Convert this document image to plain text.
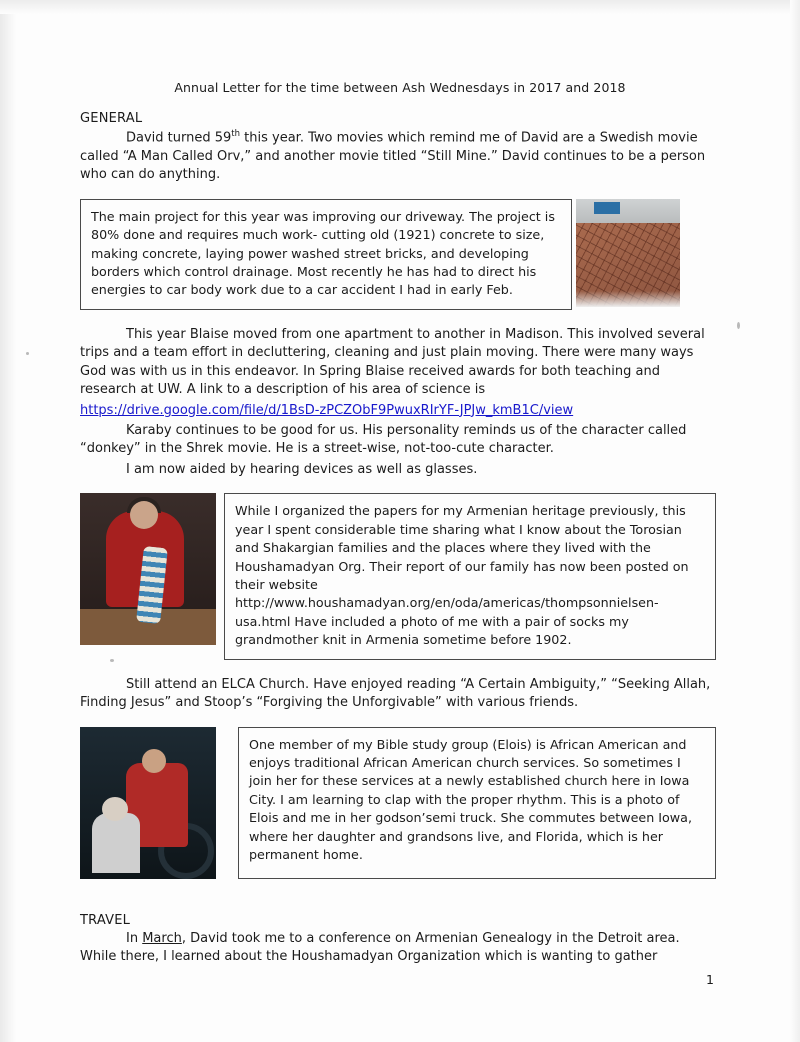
Annual Letter for the time between Ash Wednesdays in 2017 and 2018
GENERAL

David turned 59th this year. Two movies which remind me of David are a Swedish movie called “A Man Called Orv,” and another movie titled “Still Mine.” David continues to be a person who can do anything.

The main project for this year was improving our driveway. The project is 80% done and requires much work- cutting old (1921) concrete to size, making concrete, laying power washed street bricks, and developing borders which control drainage. Most recently he has had to direct his energies to car body work due to a car accident I had in early Feb.

This year Blaise moved from one apartment to another in Madison. This involved several trips and a team effort in decluttering, cleaning and just plain moving. There were many ways God was with us in this endeavor. In Spring Blaise received awards for both teaching and research at UW. A link to a description of his area of science is

https://drive.google.com/file/d/1BsD-zPCZObF9PwuxRIrYF-JPJw_kmB1C/view

Karaby continues to be good for us. His personality reminds us of the character called “donkey” in the Shrek movie. He is a street-wise, not-too-cute character.

I am now aided by hearing devices as well as glasses.

While I organized the papers for my Armenian heritage previously, this year I spent considerable time sharing what I know about the Torosian and Shakargian families and the places where they lived with the Houshamadyan Org. Their report of our family has now been posted on their website http://www.houshamadyan.org/en/oda/americas/thompsonnielsen-usa.html Have included a photo of me with a pair of socks my grandmother knit in Armenia sometime before 1902.

Still attend an ELCA Church. Have enjoyed reading “A Certain Ambiguity,” “Seeking Allah, Finding Jesus” and Stoop’s “Forgiving the Unforgivable” with various friends.

One member of my Bible study group (Elois) is African American and enjoys traditional African American church services. So sometimes I join her for these services at a newly established church here in Iowa City. I am learning to clap with the proper rhythm. This is a photo of Elois and me in her godson’semi truck. She commutes between Iowa, where her daughter and grandsons live, and Florida, which is her permanent home.
TRAVEL

In March, David took me to a conference on Armenian Genealogy in the Detroit area. While there, I learned about the Houshamadyan Organization which is wanting to gather

1
